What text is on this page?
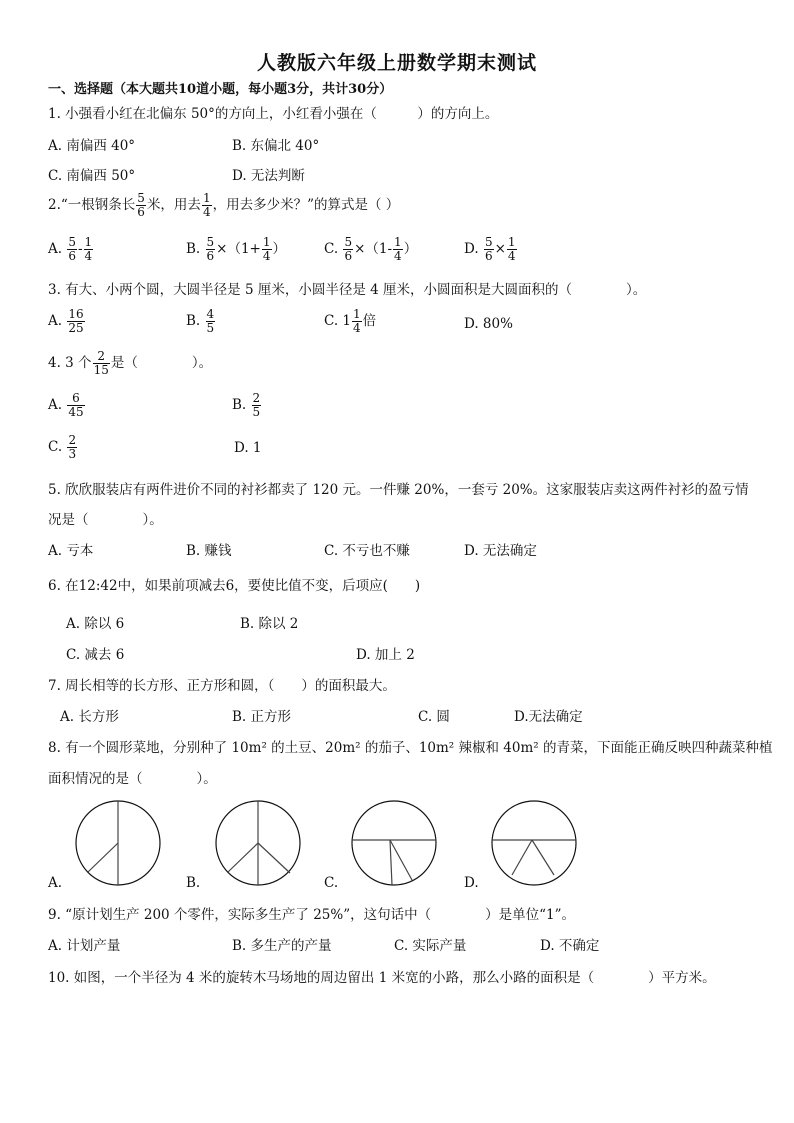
人教版六年级上册数学期末测试
一、选择题（本大题共10道小题，每小题3分，共计30分）
1. 小强看小红在北偏东 50°的方向上，小红看小强在（　　　）的方向上。
A. 南偏西 40°	B. 东偏北 40°
C. 南偏西 50°	D. 无法判断
2.“一根钢条长 $\frac{5}{6}$ 米，用去 $\frac{1}{4}$ ，用去多少米？”的算式是（ ）
A. $\frac{5}{6} - \frac{1}{4}$	B. $\frac{5}{6} \times(1+ \frac{1}{4}$ ）	C. $\frac{5}{6} \times(1- \frac{1}{4}$ ）	D. $\frac{5}{6} \times \frac{1}{4}$
3. 有大、小两个圆，大圆半径是 5 厘米，小圆半径是 4 厘米，小圆面积是大圆面积的（　　　　）。
A. $\frac{16}{25}$	B. $\frac{4}{5}$	C. $1 \frac{1}{4}$ 倍	D. 80%
4. 3 个 $\frac{2}{15}$ 是（　　　　）。
A. $\frac{6}{45}$	B. $\frac{2}{5}$
C. $\frac{2}{3}$	D. 1
5. 欣欣服装店有两件进价不同的衬衫都卖了 120 元。一件赚 20%，一套亏 20%。这家服装店卖这两件衬衫的盈亏情
况是（　　　　）。
A. 亏本	B. 赚钱	C. 不亏也不赚	D. 无法确定
6. 在12:42中，如果前项减去6，要使比值不变，后项应(　　)
A. 除以 6	B. 除以 2
C. 减去 6	D. 加上 2
7. 周长相等的长方形、正方形和圆，（　　）的面积最大。
A. 长方形	B. 正方形	C. 圆	D.无法确定
8. 有一个圆形菜地，分别种了 10m² 的土豆、20m² 的茄子、10m² 辣椒和 40m² 的青菜，下面能正确反映四种蔬菜种植
面积情况的是（　　　　）。
A.	B.	C.	D.
9. “原计划生产 200 个零件，实际多生产了 25%”，这句话中（　　　　）是单位“1”。
A. 计划产量	B. 多生产的产量	C. 实际产量	D. 不确定
10. 如图，一个半径为 4 米的旋转木马场地的周边留出 1 米宽的小路，那么小路的面积是（　　　　）平方米。
